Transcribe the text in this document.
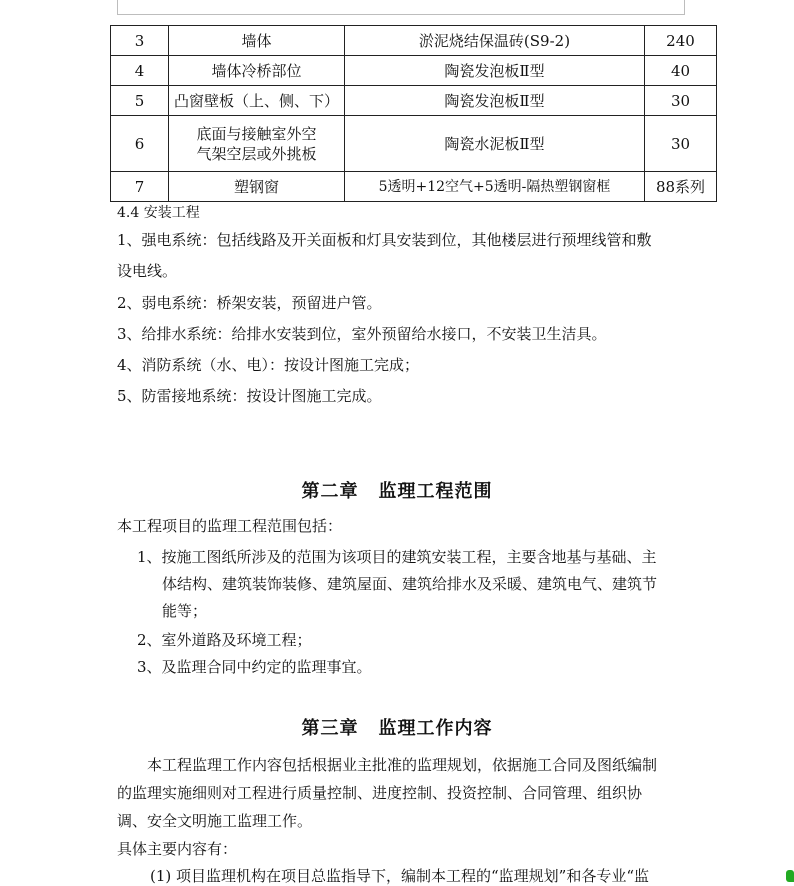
3	墙体	淤泥烧结保温砖(S9-2)	240
4	墙体冷桥部位	陶瓷发泡板Ⅱ型	40
5	凸窗壁板（上、侧、下）	陶瓷发泡板Ⅱ型	30
6	底面与接触室外空
气架空层或外挑板	陶瓷水泥板Ⅱ型	30
7	塑钢窗	5透明+12空气+5透明-隔热塑钢窗框	88系列
4.4 安装工程
1、强电系统：包括线路及开关面板和灯具安装到位，其他楼层进行预埋线管和敷
设电线。
2、弱电系统：桥架安装，预留进户管。
3、给排水系统：给排水安装到位，室外预留给水接口，不安装卫生洁具。
4、消防系统（水、电）：按设计图施工完成；
5、防雷接地系统：按设计图施工完成。
第二章 监理工程范围
本工程项目的监理工程范围包括：
1、按施工图纸所涉及的范围为该项目的建筑安装工程，主要含地基与基础、主
体结构、建筑装饰装修、建筑屋面、建筑给排水及采暖、建筑电气、建筑节
能等；
2、室外道路及环境工程；
3、及监理合同中约定的监理事宜。
第三章 监理工作内容
本工程监理工作内容包括根据业主批准的监理规划，依据施工合同及图纸编制
的监理实施细则对工程进行质量控制、进度控制、投资控制、合同管理、组织协
调、安全文明施工监理工作。
具体主要内容有：
(1) 项目监理机构在项目总监指导下，编制本工程的“监理规划”和各专业“监
